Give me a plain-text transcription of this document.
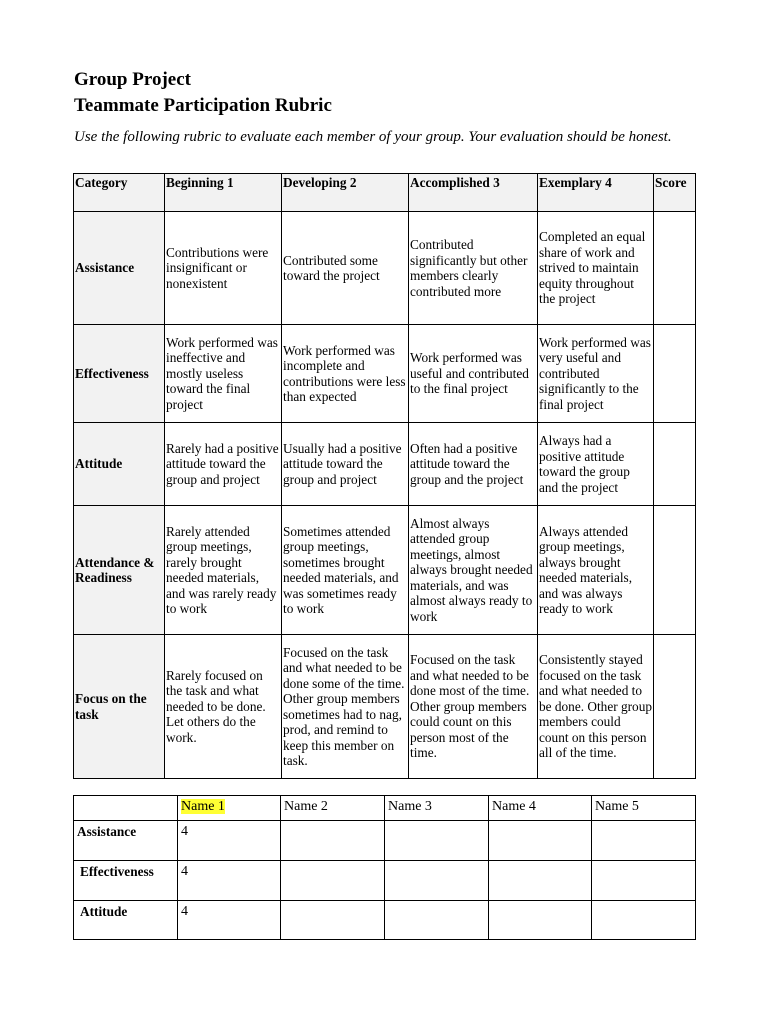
Group Project
Teammate Participation Rubric
Use the following rubric to evaluate each member of your group. Your evaluation should be honest.
Category	Beginning 1	Developing 2	Accomplished 3	Exemplary 4	Score
Assistance	Contributions were insignificant or nonexistent	Contributed some toward the project	Contributed significantly but other members clearly contributed more	Completed an equal share of work and strived to maintain equity throughout the project	
Effectiveness	Work performed was ineffective and mostly useless toward the final project	Work performed was incomplete and contributions were less than expected	Work performed was useful and contributed to the final project	Work performed was very useful and contributed significantly to the final project	
Attitude	Rarely had a positive attitude toward the group and project	Usually had a positive attitude toward the group and project	Often had a positive attitude toward the group and the project	Always had a positive attitude toward the group and the project	
Attendance & Readiness	Rarely attended group meetings, rarely brought needed materials, and was rarely ready to work	Sometimes attended group meetings, sometimes brought needed materials, and was sometimes ready to work	Almost always attended group meetings, almost always brought needed materials, and was almost always ready to work	Always attended group meetings, always brought needed materials, and was always ready to work	
Focus on the task	Rarely focused on the task and what needed to be done. Let others do the work.	Focused on the task and what needed to be done some of the time. Other group members sometimes had to nag, prod, and remind to keep this member on task.	Focused on the task and what needed to be done most of the time. Other group members could count on this person most of the time.	Consistently stayed focused on the task and what needed to be done. Other group members could count on this person all of the time.	
	Name 1	Name 2	Name 3	Name 4	Name 5
Assistance	4				
Effectiveness	4				
Attitude	4				
